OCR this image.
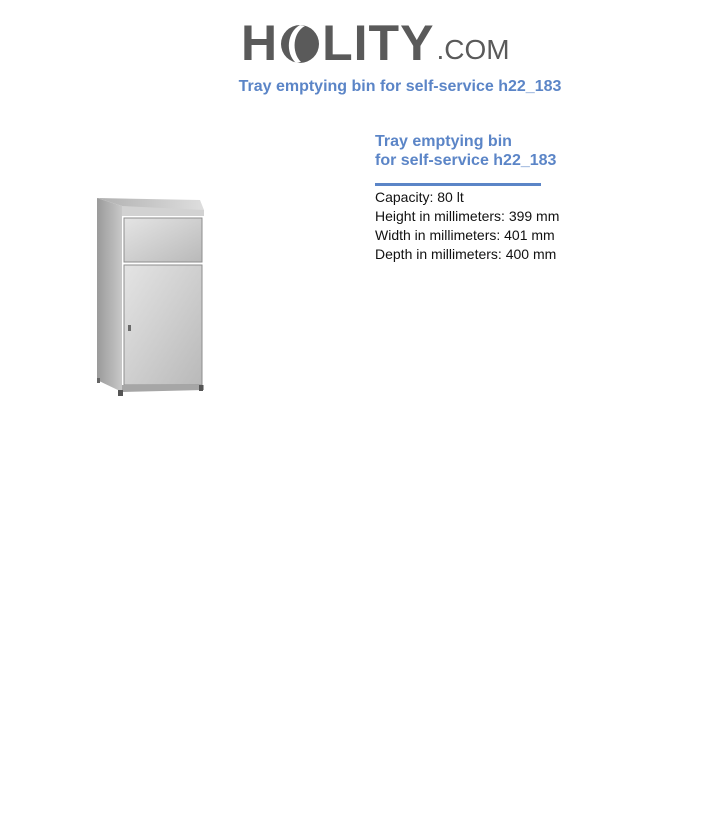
H LITY .COM
Tray emptying bin for self-service h22_183
Tray emptying bin
for self-service h22_183
Capacity: 80 lt
Height in millimeters: 399 mm
Width in millimeters: 401 mm
Depth in millimeters: 400 mm
